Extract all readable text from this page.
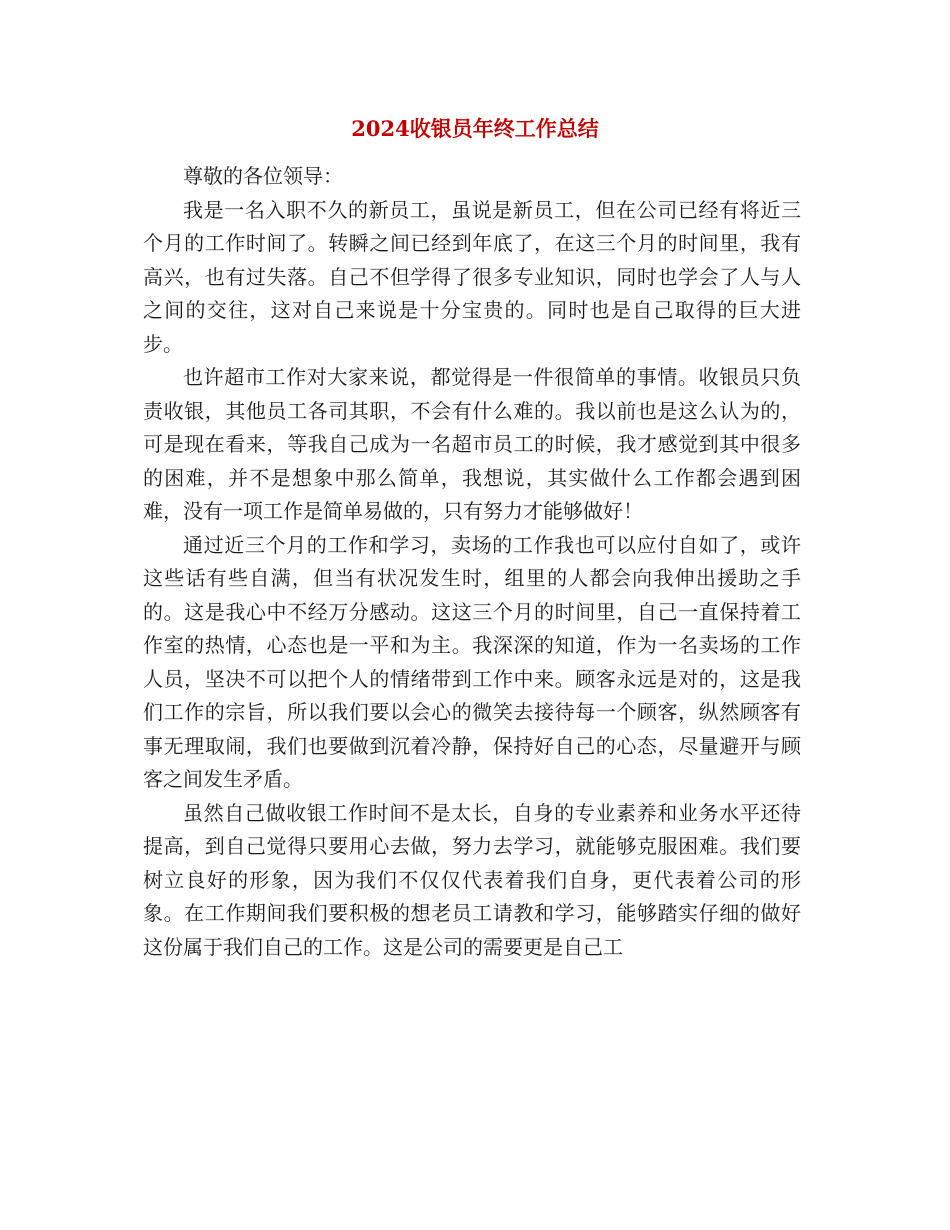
2024收银员年终工作总结

尊敬的各位领导：

我是一名入职不久的新员工，虽说是新员工，但在公司已经有将近三个月的工作时间了。转瞬之间已经到年底了，在这三个月的时间里，我有高兴，也有过失落。自己不但学得了很多专业知识，同时也学会了人与人之间的交往，这对自己来说是十分宝贵的。同时也是自己取得的巨大进步。

也许超市工作对大家来说，都觉得是一件很简单的事情。收银员只负责收银，其他员工各司其职，不会有什么难的。我以前也是这么认为的，可是现在看来，等我自己成为一名超市员工的时候，我才感觉到其中很多的困难，并不是想象中那么简单，我想说，其实做什么工作都会遇到困难，没有一项工作是简单易做的，只有努力才能够做好！

通过近三个月的工作和学习，卖场的工作我也可以应付自如了，或许这些话有些自满，但当有状况发生时，组里的人都会向我伸出援助之手的。这是我心中不经万分感动。这这三个月的时间里，自己一直保持着工作室的热情，心态也是一平和为主。我深深的知道，作为一名卖场的工作人员，坚决不可以把个人的情绪带到工作中来。顾客永远是对的，这是我们工作的宗旨，所以我们要以会心的微笑去接待每一个顾客，纵然顾客有事无理取闹，我们也要做到沉着冷静，保持好自己的心态，尽量避开与顾客之间发生矛盾。

虽然自己做收银工作时间不是太长，自身的专业素养和业务水平还待提高，到自己觉得只要用心去做，努力去学习，就能够克服困难。我们要树立良好的形象，因为我们不仅仅代表着我们自身，更代表着公司的形象。在工作期间我们要积极的想老员工请教和学习，能够踏实仔细的做好这份属于我们自己的工作。这是公司的需要更是自己工
